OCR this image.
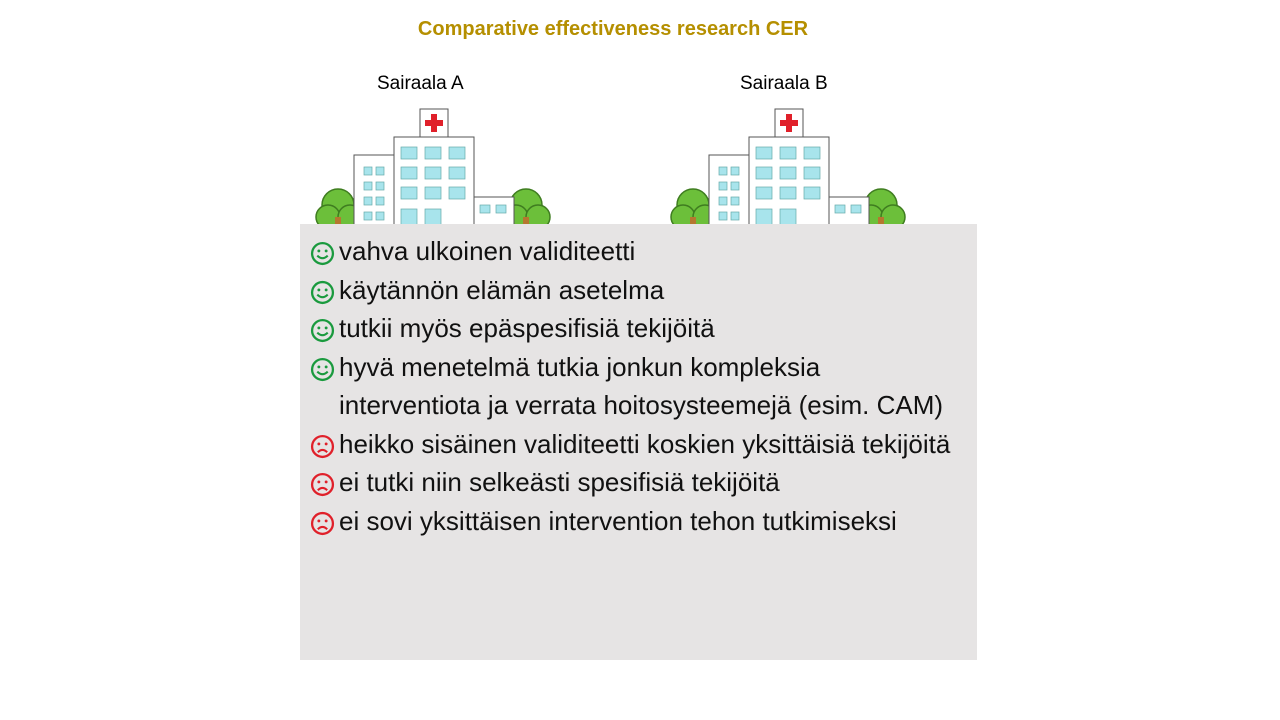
Comparative effectiveness research CER
Sairaala A	Sairaala B
vahva ulkoinen validiteetti
käytännön elämän asetelma
tutkii myös epäspesifisiä tekijöitä
hyvä menetelmä tutkia jonkun kompleksia interventiota ja verrata hoitosysteemejä (esim. CAM)
heikko sisäinen validiteetti koskien yksittäisiä tekijöitä
ei tutki niin selkeästi spesifisiä tekijöitä
ei sovi yksittäisen intervention tehon tutkimiseksi
